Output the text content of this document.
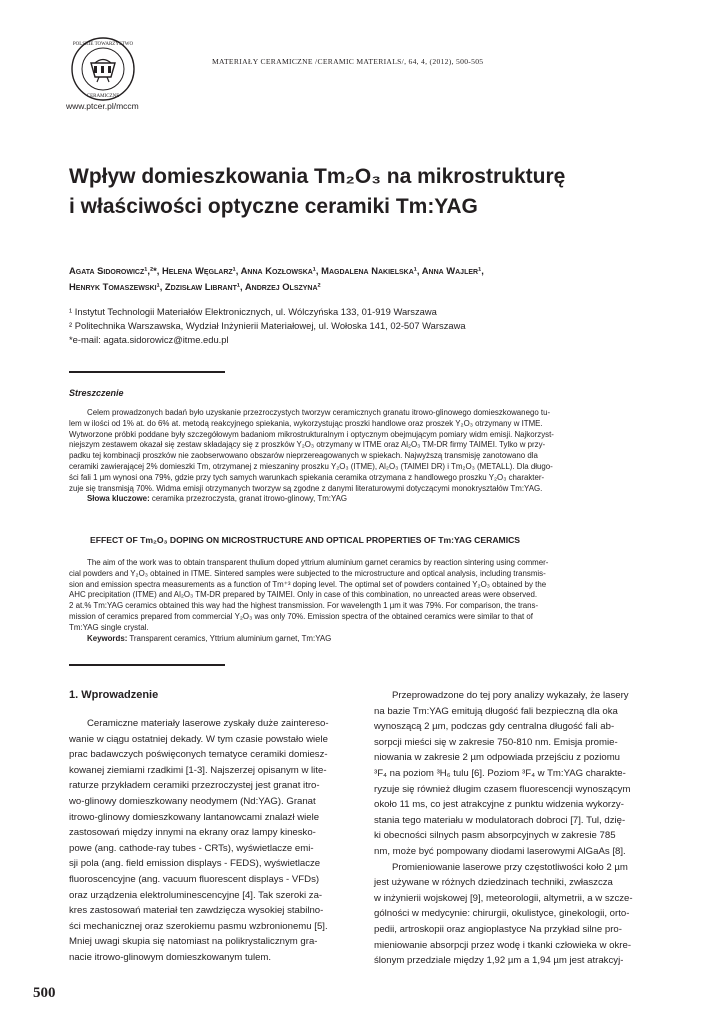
POLSKIE TOWARZYSTWO
CERAMICZNE
www.ptcer.pl/mccm
MATERIAŁY CERAMICZNE /CERAMIC MATERIALS/, 64, 4, (2012), 500-505
Wpływ domieszkowania Tm₂O₃ na mikrostrukturę
i właściwości optyczne ceramiki Tm:YAG
Agata Sidorowicz¹,²*, Helena Węglarz¹, Anna Kozłowska¹, Magdalena Nakielska¹, Anna Wajler¹,
Henryk Tomaszewski¹, Zdzisław Librant¹, Andrzej Olszyna²
¹ Instytut Technologii Materiałów Elektronicznych, ul. Wólczyńska 133, 01-919 Warszawa
² Politechnika Warszawska, Wydział Inżynierii Materiałowej, ul. Wołoska 141, 02-507 Warszawa
*e-mail: agata.sidorowicz@itme.edu.pl
Streszczenie
Celem prowadzonych badań było uzyskanie przezroczystych tworzyw ceramicznych granatu itrowo-glinowego domieszkowanego tu-
lem w ilości od 1% at. do 6% at. metodą reakcyjnego spiekania, wykorzystując proszki handlowe oraz proszek Y₂O₃ otrzymany w ITME.
Wytworzone próbki poddane były szczegółowym badaniom mikrostrukturalnym i optycznym obejmującym pomiary widm emisji. Najkorzyst-
niejszym zestawem okazał się zestaw składający się z proszków Y₂O₃ otrzymany w ITME oraz Al₂O₃ TM-DR firmy TAIMEI. Tylko w przy-
padku tej kombinacji proszków nie zaobserwowano obszarów nieprzereagowanych w spiekach. Najwyższą transmisję zanotowano dla
ceramiki zawierającej 2% domieszki Tm, otrzymanej z mieszaniny proszku Y₂O₃ (ITME), Al₂O₃ (TAIMEI DR) i Tm₂O₃ (METALL). Dla długo-
ści fali 1 µm wynosi ona 79%, gdzie przy tych samych warunkach spiekania ceramika otrzymana z handlowego proszku Y₂O₃ charakter-
zuje się transmisją 70%. Widma emisji otrzymanych tworzyw są zgodne z danymi literaturowymi dotyczącymi monokryształów Tm:YAG.
Słowa kluczowe: ceramika przezroczysta, granat itrowo-glinowy, Tm:YAG
EFFECT OF Tm₂O₃ DOPING ON MICROSTRUCTURE AND OPTICAL PROPERTIES OF Tm:YAG CERAMICS
The aim of the work was to obtain transparent thulium doped yttrium aluminium garnet ceramics by reaction sintering using commer-
cial powders and Y₂O₃ obtained in ITME. Sintered samples were subjected to the microstructure and optical analysis, including transmis-
sion and emission spectra measurements as a function of Tm⁺³ doping level. The optimal set of powders contained Y₂O₃ obtained by the
AHC precipitation (ITME) and Al₂O₃ TM-DR prepared by TAIMEI. Only in case of this combination, no unreacted areas were observed.
2 at.% Tm:YAG ceramics obtained this way had the highest transmission. For wavelength 1 µm it was 79%. For comparison, the trans-
mission of ceramics prepared from commercial Y₂O₃ was only 70%. Emission spectra of the obtained ceramics were similar to that of
Tm:YAG single crystal.
Keywords: Transparent ceramics, Yttrium aluminium garnet, Tm:YAG
1. Wprowadzenie
Ceramiczne materiały laserowe zyskały duże zaintereso-
wanie w ciągu ostatniej dekady. W tym czasie powstało wiele
prac badawczych poświęconych tematyce ceramiki domiesz-
kowanej ziemiami rzadkimi [1-3]. Najszerzej opisanym w lite-
raturze przykładem ceramiki przezroczystej jest granat itro-
wo-glinowy domieszkowany neodymem (Nd:YAG). Granat
itrowo-glinowy domieszkowany lantanowcami znalazł wiele
zastosowań między innymi na ekrany oraz lampy kinesko-
powe (ang. cathode-ray tubes - CRTs), wyświetlacze emi-
sji pola (ang. field emission displays - FEDS), wyświetlacze
fluoroscencyjne (ang. vacuum fluorescent displays - VFDs)
oraz urządzenia elektroluminescencyjne [4]. Tak szeroki za-
kres zastosowań materiał ten zawdzięcza wysokiej stabilno-
ści mechanicznej oraz szerokiemu pasmu wzbronionemu [5].
Mniej uwagi skupia się natomiast na polikrystalicznym gra-
nacie itrowo-glinowym domieszkowanym tulem.
Przeprowadzone do tej pory analizy wykazały, że lasery
na bazie Tm:YAG emitują długość fali bezpieczną dla oka
wynoszącą 2 µm, podczas gdy centralna długość fali ab-
sorpcji mieści się w zakresie 750-810 nm. Emisja promie-
niowania w zakresie 2 µm odpowiada przejściu z poziomu
³F₄ na poziom ³H₆ tulu [6]. Poziom ³F₄ w Tm:YAG charakte-
ryzuje się również długim czasem fluorescencji wynoszącym
około 11 ms, co jest atrakcyjne z punktu widzenia wykorzy-
stania tego materiału w modulatorach dobroci [7]. Tul, dzię-
ki obecności silnych pasm absorpcyjnych w zakresie 785
nm, może być pompowany diodami laserowymi AlGaAs [8].
Promieniowanie laserowe przy częstotliwości koło 2 µm
jest używane w różnych dziedzinach techniki, zwłaszcza
w inżynierii wojskowej [9], meteorologii, altymetrii, a w szcze-
gólności w medycynie: chirurgii, okulistyce, ginekologii, orto-
pedii, artroskopii oraz angioplastyce Na przykład silne pro-
mieniowanie absorpcji przez wodę i tkanki człowieka w okre-
ślonym przedziale między 1,92 µm a 1,94 µm jest atrakcyj-
500
